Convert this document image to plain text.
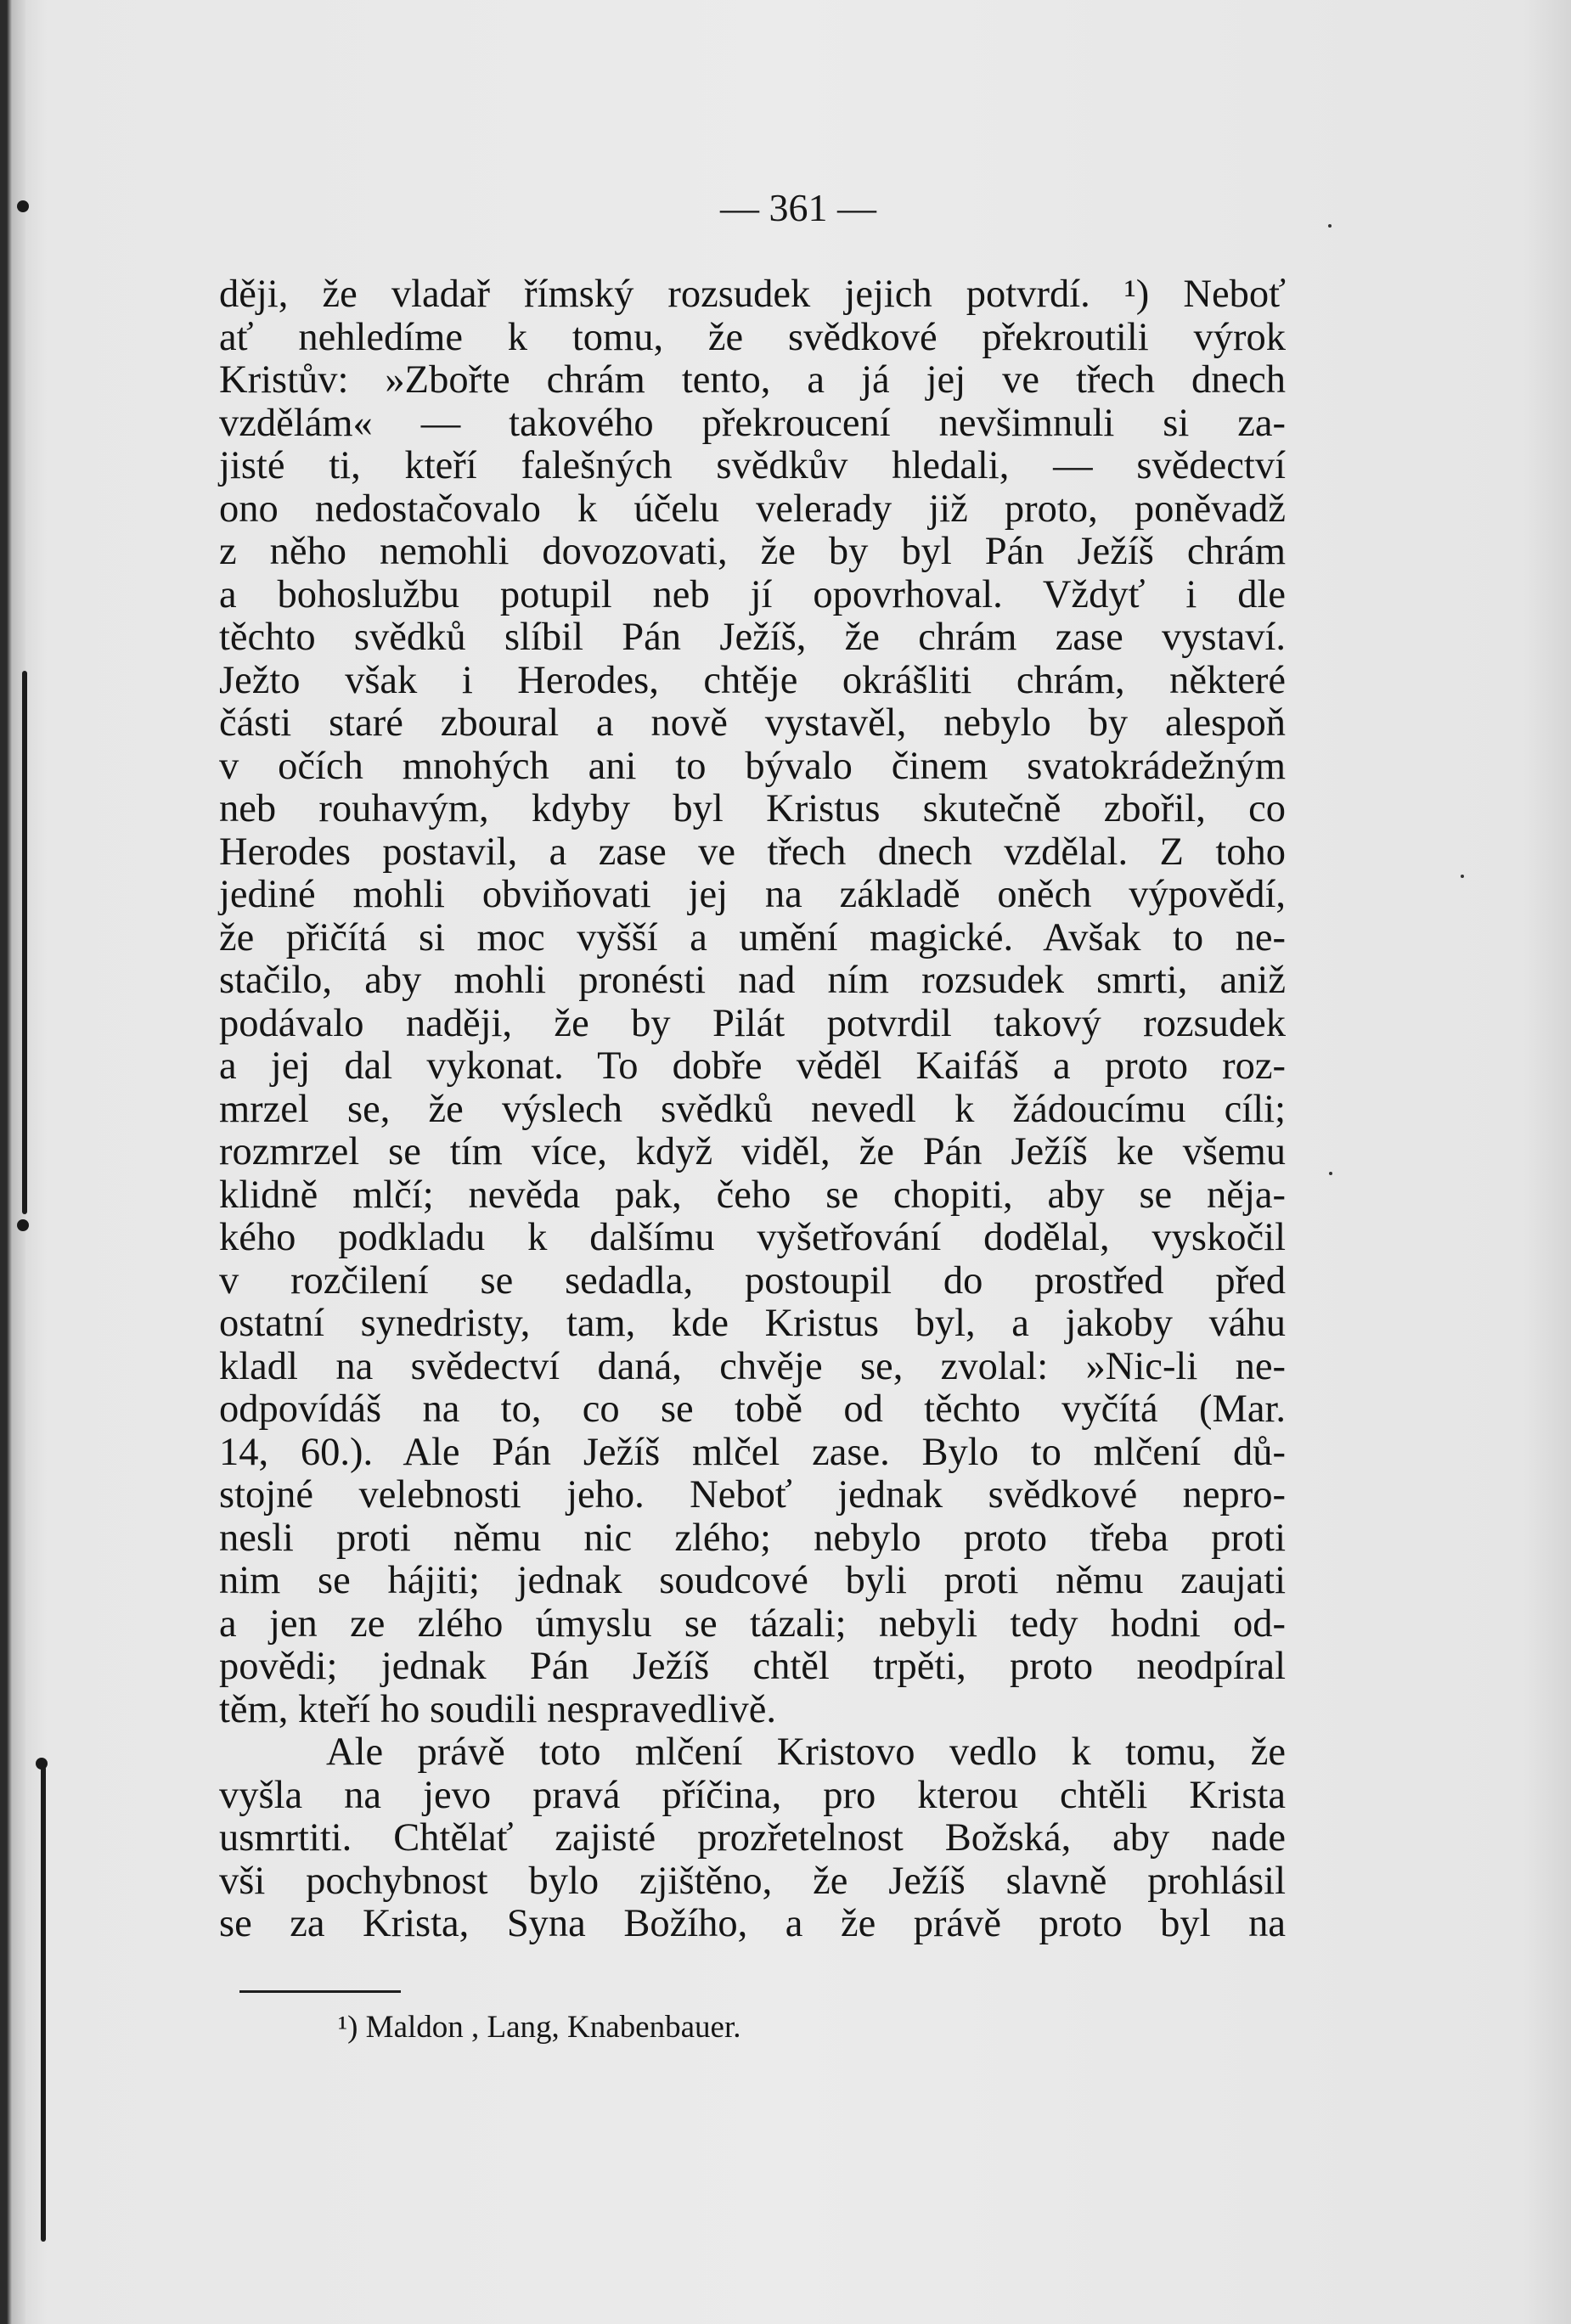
— 361 —
ději, že vladař římský rozsudek jejich potvrdí. ¹) Neboť
ať nehledíme k tomu, že svědkové překroutili výrok
Kristův: »Zbořte chrám tento, a já jej ve třech dnech
vzdělám« — takového překroucení nevšimnuli si za-
jisté ti, kteří falešných svědkův hledali, — svědectví
ono nedostačovalo k účelu velerady již proto, poněvadž
z něho nemohli dovozovati, že by byl Pán Ježíš chrám
a bohoslužbu potupil neb jí opovrhoval. Vždyť i dle
těchto svědků slíbil Pán Ježíš, že chrám zase vystaví.
Ježto však i Herodes, chtěje okrášliti chrám, některé
části staré zboural a nově vystavěl, nebylo by alespoň
v očích mnohých ani to bývalo činem svatokrádežným
neb rouhavým, kdyby byl Kristus skutečně zbořil, co
Herodes postavil, a zase ve třech dnech vzdělal. Z toho
jediné mohli obviňovati jej na základě oněch výpovědí,
že přičítá si moc vyšší a umění magické. Avšak to ne-
stačilo, aby mohli pronésti nad ním rozsudek smrti, aniž
podávalo naději, že by Pilát potvrdil takový rozsudek
a jej dal vykonat. To dobře věděl Kaifáš a proto roz-
mrzel se, že výslech svědků nevedl k žádoucímu cíli;
rozmrzel se tím více, když viděl, že Pán Ježíš ke všemu
klidně mlčí; nevěda pak, čeho se chopiti, aby se něja-
kého podkladu k dalšímu vyšetřování dodělal, vyskočil
v rozčilení se sedadla, postoupil do prostřed před
ostatní synedristy, tam, kde Kristus byl, a jakoby váhu
kladl na svědectví daná, chvěje se, zvolal: »Nic-li ne-
odpovídáš na to, co se tobě od těchto vyčítá (Mar.
14, 60.). Ale Pán Ježíš mlčel zase. Bylo to mlčení dů-
stojné velebnosti jeho. Neboť jednak svědkové nepro-
nesli proti němu nic zlého; nebylo proto třeba proti
nim se hájiti; jednak soudcové byli proti němu zaujati
a jen ze zlého úmyslu se tázali; nebyli tedy hodni od-
povědi; jednak Pán Ježíš chtěl trpěti, proto neodpíral
těm, kteří ho soudili nespravedlivě.
Ale právě toto mlčení Kristovo vedlo k tomu, že
vyšla na jevo pravá příčina, pro kterou chtěli Krista
usmrtiti. Chtělať zajisté prozřetelnost Božská, aby nade
vši pochybnost bylo zjištěno, že Ježíš slavně prohlásil
se za Krista, Syna Božího, a že právě proto byl na
¹) Maldon , Lang, Knabenbauer.
